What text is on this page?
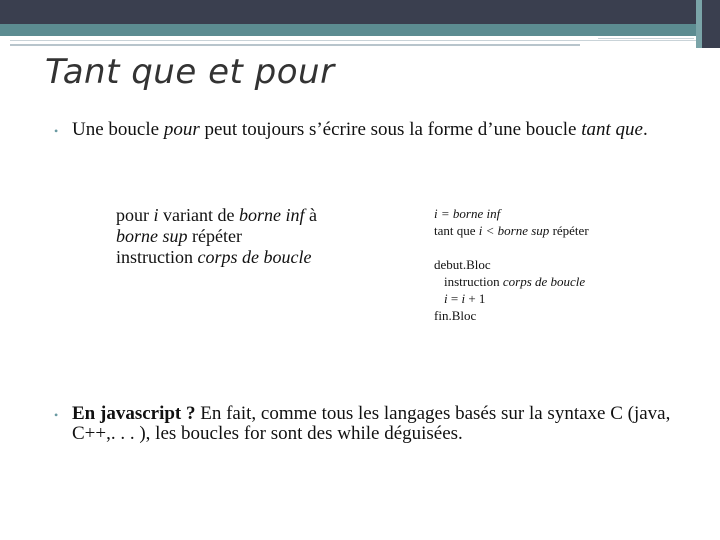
Tant que et pour
• Une boucle pour peut toujours s’écrire sous la forme d’une boucle tant que.
pour i variant de borne inf à
borne sup répéter
instruction corps de boucle
i = borne inf
tant que i < borne sup répéter
debut.Bloc
instruction corps de boucle
i = i + 1
fin.Bloc
• En javascript ? En fait, comme tous les langages basés sur la syntaxe C (java, C++,. . . ), les boucles for sont des while déguisées.
